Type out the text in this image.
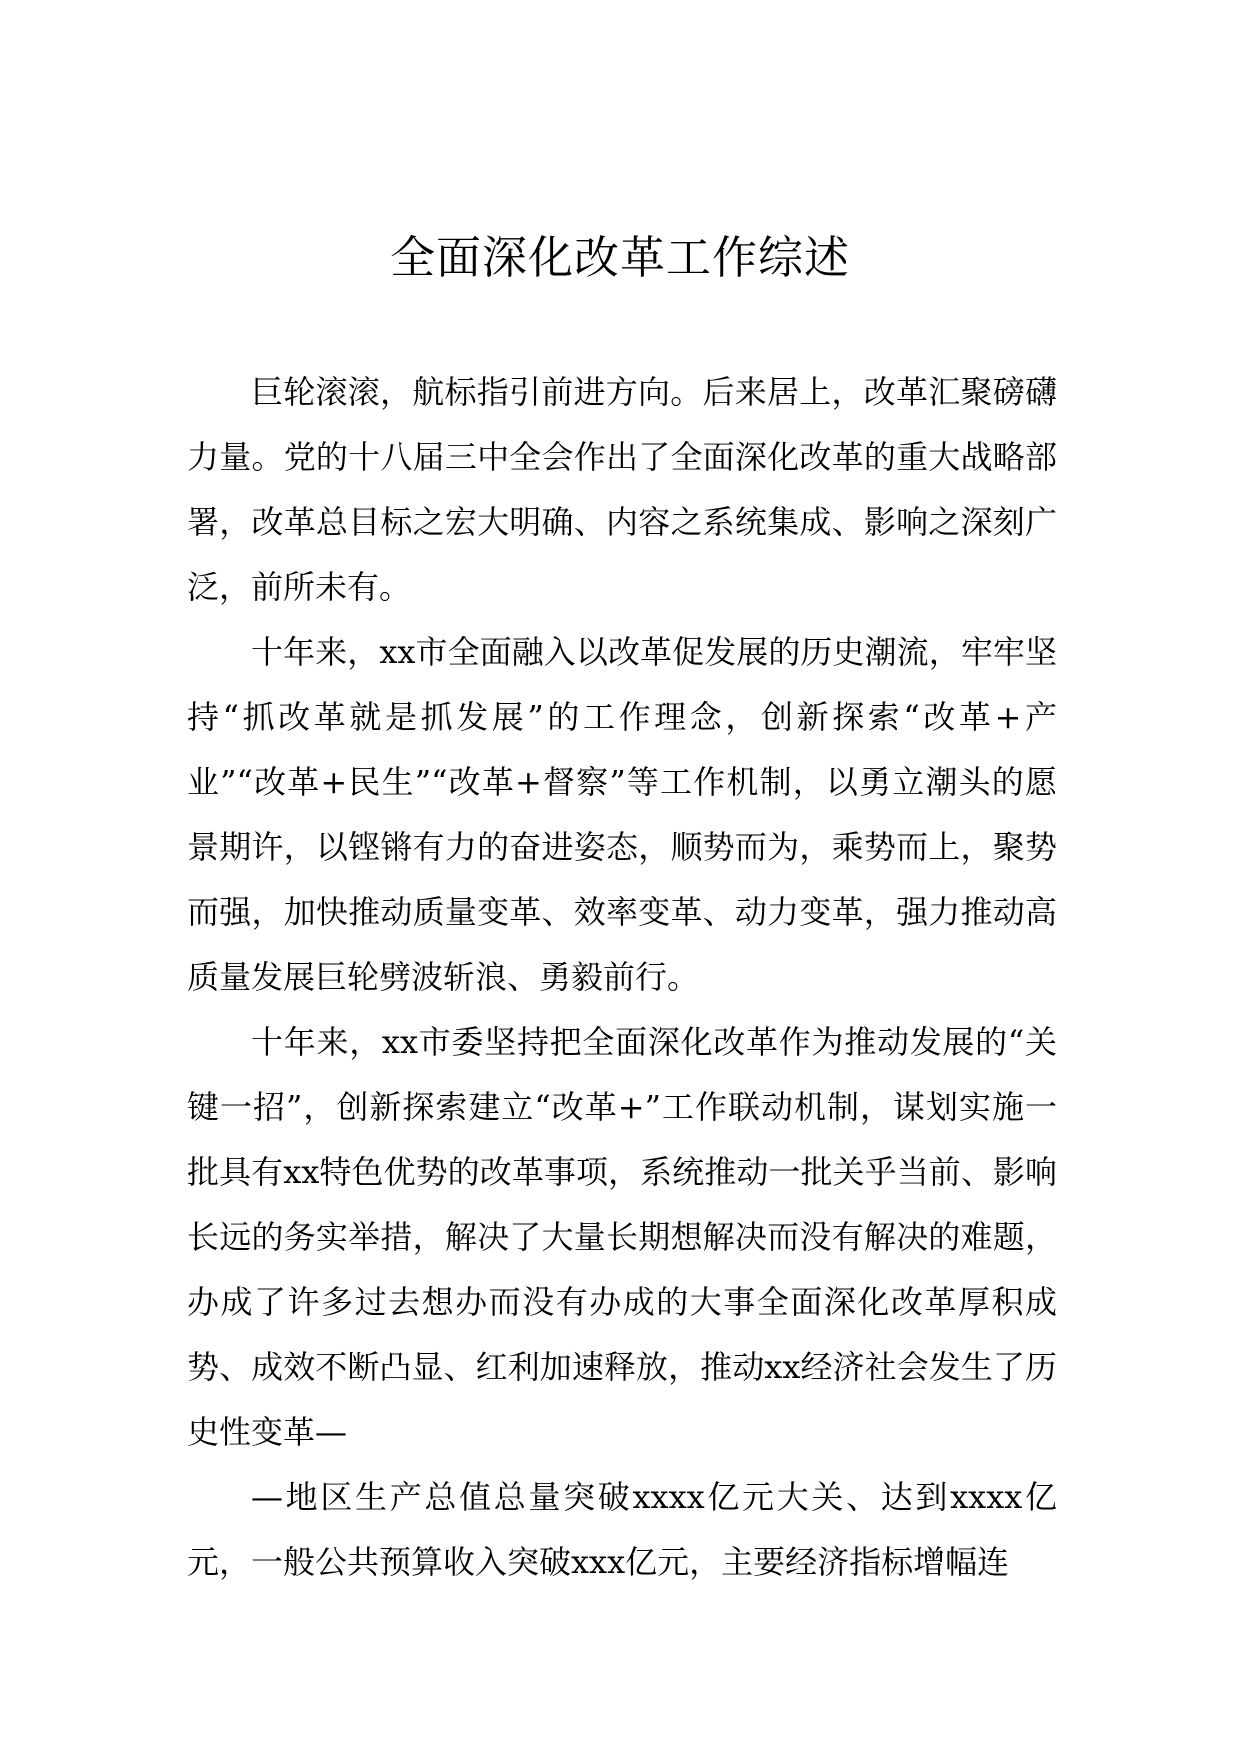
全面深化改革工作综述

巨轮滚滚，航标指引前进方向。后来居上，改革汇聚磅礴力量。党的十八届三中全会作出了全面深化改革的重大战略部署，改革总目标之宏大明确、内容之系统集成、影响之深刻广泛，前所未有。

十年来，xx市全面融入以改革促发展的历史潮流，牢牢坚持“抓改革就是抓发展”的工作理念，创新探索“改革+产业”“改革+民生”“改革+督察”等工作机制，以勇立潮头的愿景期许，以铿锵有力的奋进姿态，顺势而为，乘势而上，聚势而强，加快推动质量变革、效率变革、动力变革，强力推动高质量发展巨轮劈波斩浪、勇毅前行。

十年来，xx市委坚持把全面深化改革作为推动发展的“关键一招”，创新探索建立“改革+”工作联动机制，谋划实施一批具有xx特色优势的改革事项，系统推动一批关乎当前、影响长远的务实举措，解决了大量长期想解决而没有解决的难题，办成了许多过去想办而没有办成的大事全面深化改革厚积成势、成效不断凸显、红利加速释放，推动xx经济社会发生了历史性变革—

—地区生产总值总量突破xxxx亿元大关、达到xxxx亿元，一般公共预算收入突破xxx亿元，主要经济指标增幅连
